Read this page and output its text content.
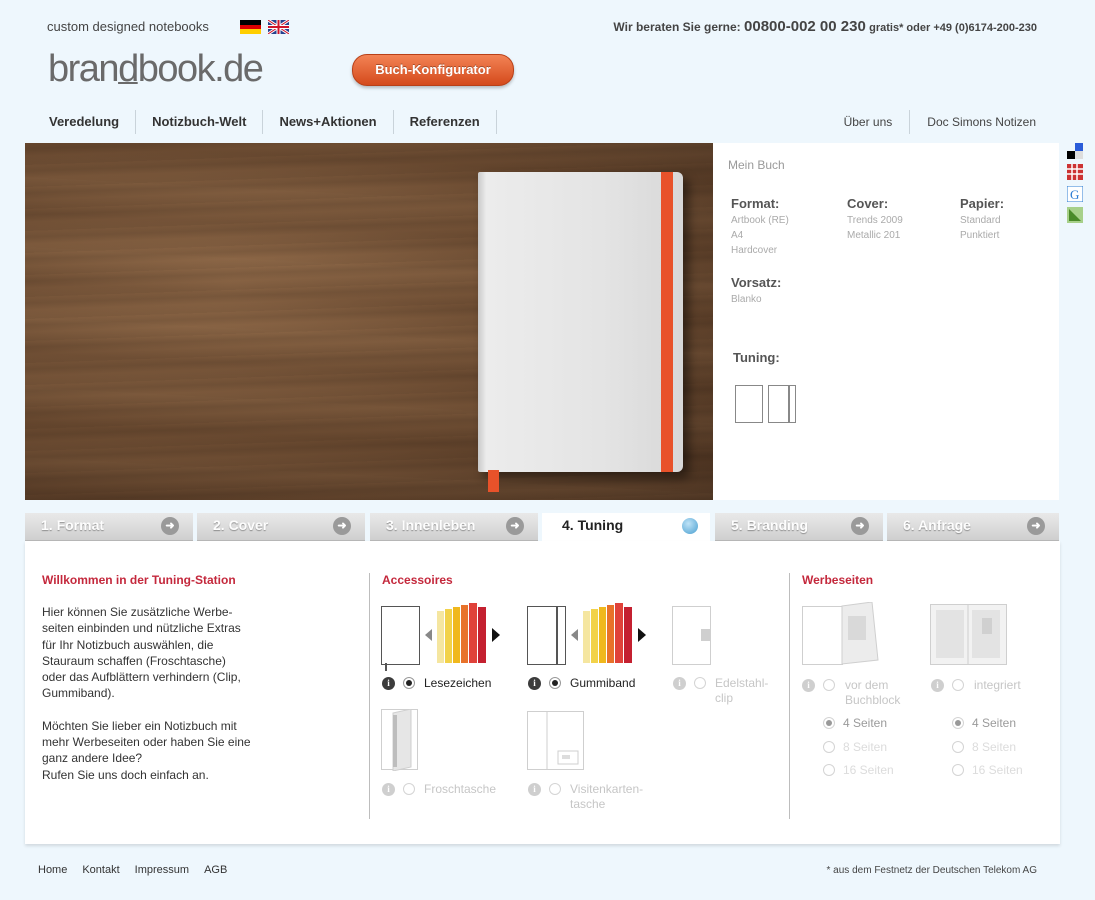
custom designed notebooks	Wir beraten Sie gerne: 00800-002 00 230 gratis* oder +49 (0)6174-200-230
brandbook.de	Buch-Konfigurator
Veredelung	Notizbuch-Welt	News+Aktionen	Referenzen	Über uns	Doc Simons Notizen
Mein Buch
Format:
Artbook (RE)
A4
Hardcover
Cover:
Trends 2009
Metallic 201
Papier:
Standard
Punktiert
Vorsatz:
Blanko
Tuning:
G
1. Format	➜	2. Cover	➜	3. Innenleben	➜	4. Tuning	5. Branding	➜	6. Anfrage	➜
Willkommen in der Tuning-Station
Hier können Sie zusätzliche Werbe-
seiten einbinden und nützliche Extras
für Ihr Notizbuch auswählen, die
Stauraum schaffen (Froschtasche)
oder das Aufblättern verhindern (Clip,
Gummiband).
Möchten Sie lieber ein Notizbuch mit
mehr Werbeseiten oder haben Sie eine
ganz andere Idee?
Rufen Sie uns doch einfach an.
Accessoires
i	Lesezeichen	i	Gummiband	i	Edelstahl-
clip
i	Froschtasche	i	Visitenkarten-
tasche
Werbeseiten
i	vor dem
Buchblock
i	integriert
4 Seiten
8 Seiten
16 Seiten
4 Seiten
8 Seiten
16 Seiten
Home Kontakt Impressum AGB	* aus dem Festnetz der Deutschen Telekom AG
